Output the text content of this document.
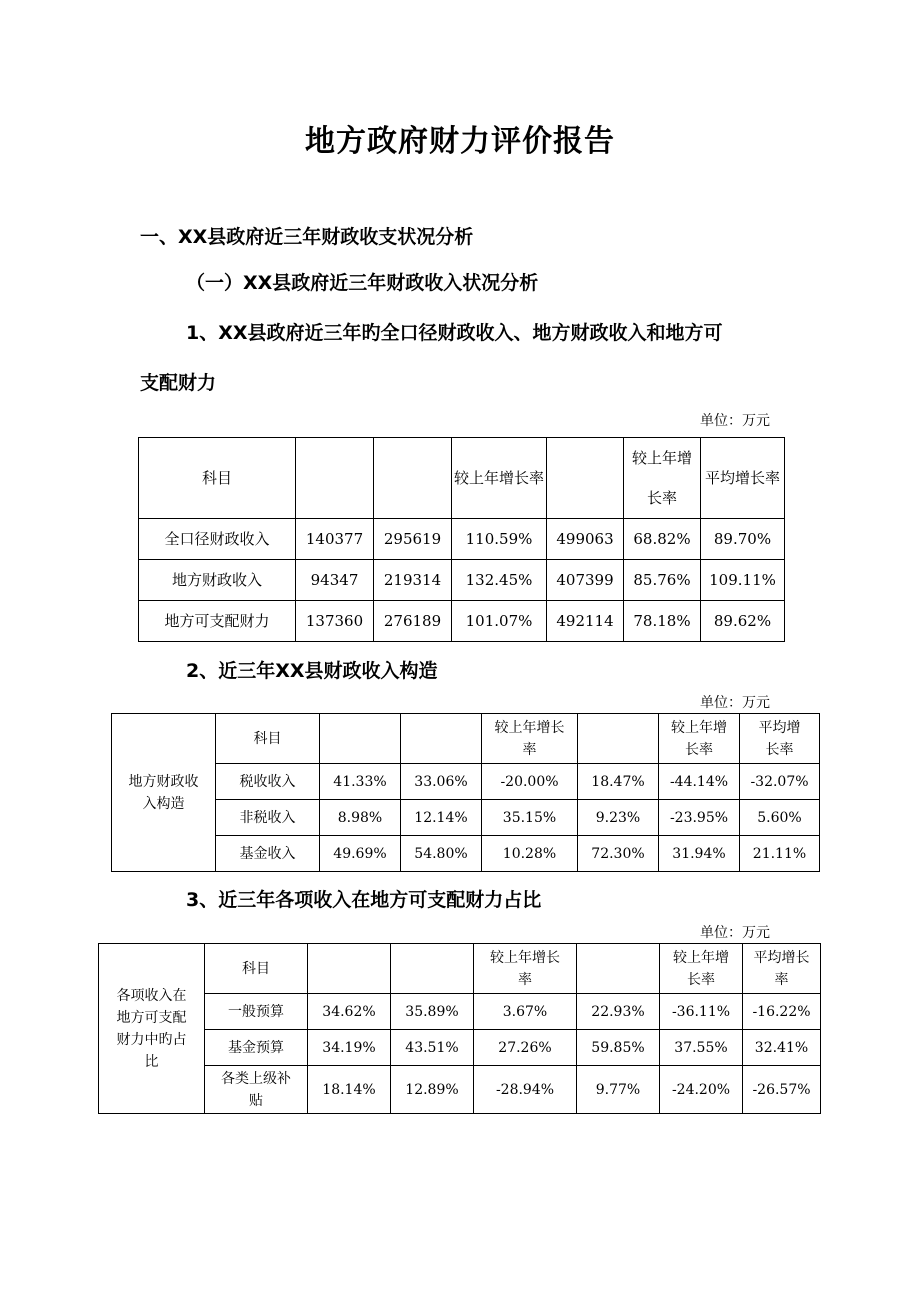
地方政府财力评价报告
一、XX县政府近三年财政收支状况分析
（一）XX县政府近三年财政收入状况分析
1、XX县政府近三年旳全口径财政收入、地方财政收入和地方可
支配财力
单位：万元
科目			较上年增长率		较上年增长率	平均增长率
全口径财政收入	140377	295619	110.59%	499063	68.82%	89.70%
地方财政收入	94347	219314	132.45%	407399	85.76%	109.11%
地方可支配财力	137360	276189	101.07%	492114	78.18%	89.62%
2、近三年XX县财政收入构造
单位：万元
地方财政收入构造	科目			较上年增长率		较上年增长率	平均增长率
	税收收入	41.33%	33.06%	-20.00%	18.47%	-44.14%	-32.07%
	非税收入	8.98%	12.14%	35.15%	9.23%	-23.95%	5.60%
	基金收入	49.69%	54.80%	10.28%	72.30%	31.94%	21.11%
3、近三年各项收入在地方可支配财力占比
单位：万元
各项收入在地方可支配财力中旳占比	科目			较上年增长率		较上年增长率	平均增长率
	一般预算	34.62%	35.89%	3.67%	22.93%	-36.11%	-16.22%
	基金预算	34.19%	43.51%	27.26%	59.85%	37.55%	32.41%
	各类上级补贴	18.14%	12.89%	-28.94%	9.77%	-24.20%	-26.57%
